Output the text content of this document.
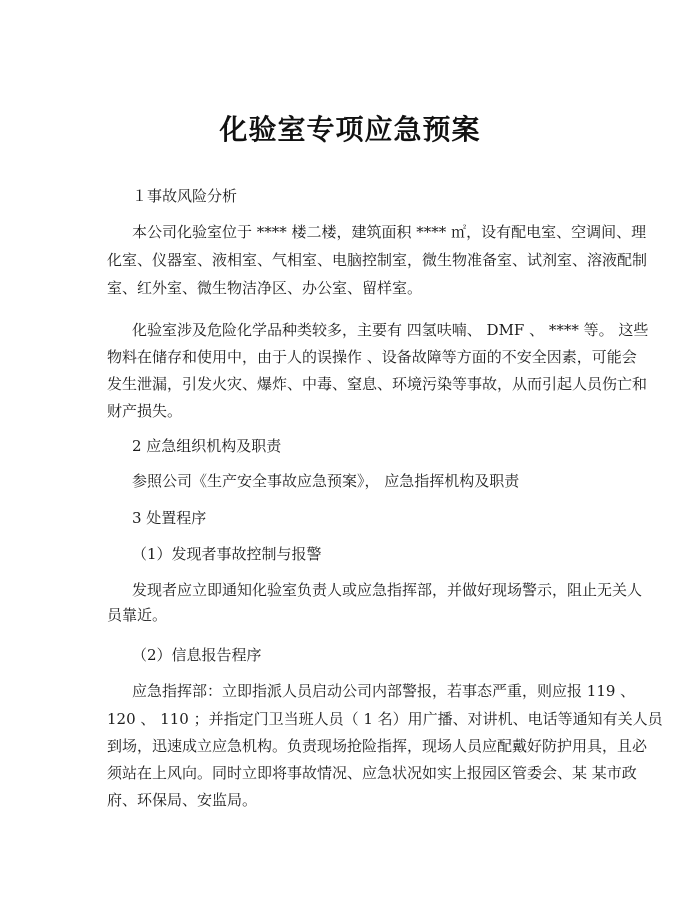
化验室专项应急预案
１事故风险分析
本公司化验室位于 **** 楼二楼，建筑面积 **** ㎡，设有配电室、空调间、理
化室、仪器室、液相室、气相室、电脑控制室，微生物准备室、试剂室、溶液配制
室、红外室、微生物洁净区、办公室、留样室。
化验室涉及危险化学品种类较多，主要有 四氢呋喃、 DMF 、 **** 等。 这些
物料在储存和使用中，由于人的误操作 、设备故障等方面的不安全因素，可能会
发生泄漏，引发火灾、爆炸、中毒、窒息、环境污染等事故，从而引起人员伤亡和
财产损失。
2 应急组织机构及职责
参照公司《生产安全事故应急预案》， 应急指挥机构及职责
3 处置程序
（1）发现者事故控制与报警
发现者应立即通知化验室负责人或应急指挥部，并做好现场警示，阻止无关人
员靠近。
（2）信息报告程序
应急指挥部：立即指派人员启动公司内部警报，若事态严重，则应报 119 、
120 、 110 ；并指定门卫当班人员（ 1 名）用广播、对讲机、电话等通知有关人员
到场，迅速成立应急机构。负责现场抢险指挥，现场人员应配戴好防护用具，且必
须站在上风向。同时立即将事故情况、应急状况如实上报园区管委会、某 某市政
府、环保局、安监局。
